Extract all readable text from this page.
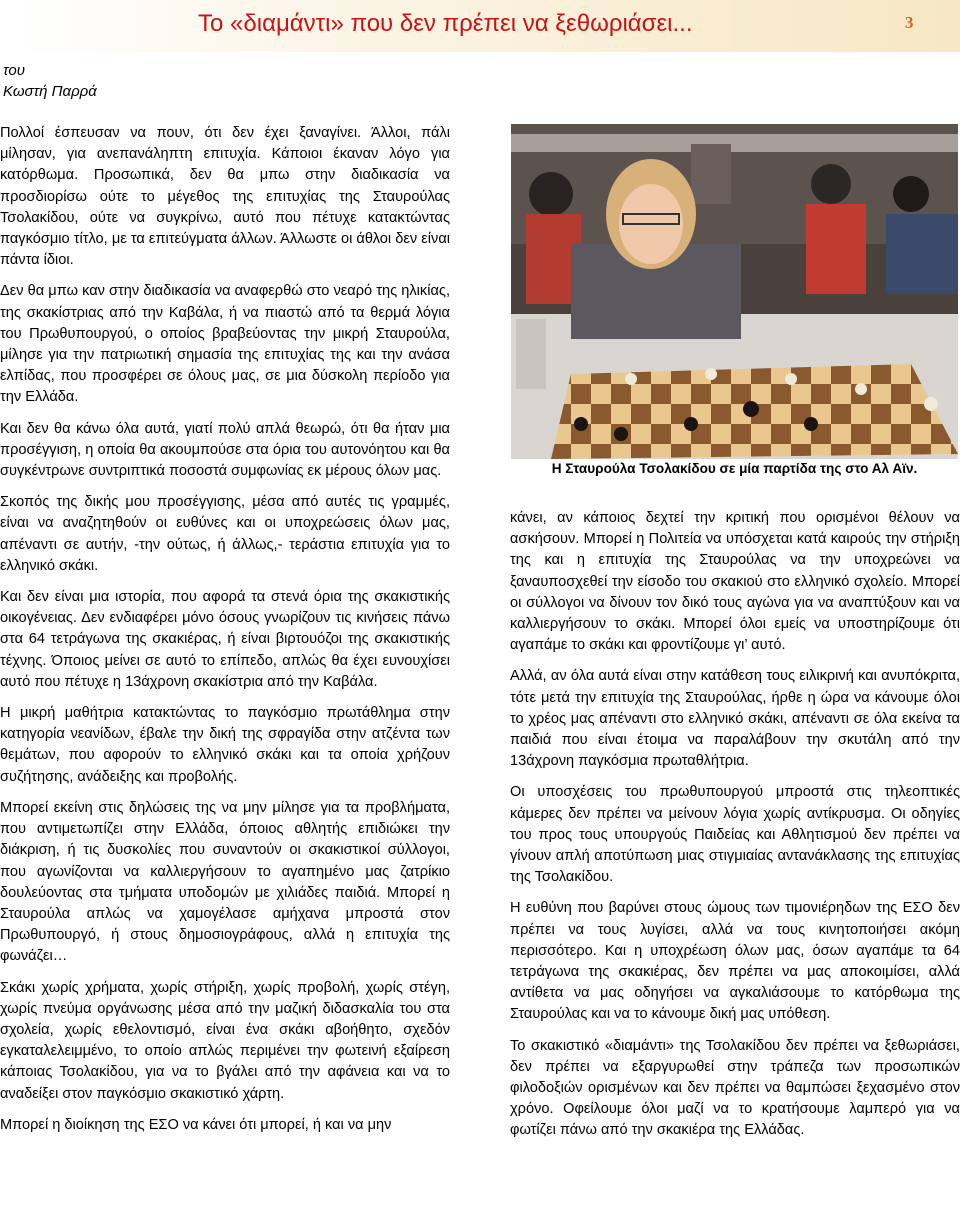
Το «διαμάντι» που δεν πρέπει να ξεθωριάσει...	3
του
Κωστή Παρρά

Πολλοί έσπευσαν να πουν, ότι δεν έχει ξαναγίνει. Άλλοι, πάλι μίλησαν, για ανεπανάληπτη επιτυχία. Κάποιοι έκαναν λόγο για κατόρθωμα. Προσωπικά, δεν θα μπω στην διαδικασία να προσδιορίσω ούτε το μέγεθος της επιτυχίας της Σταυρούλας Τσολακίδου, ούτε να συγκρίνω, αυτό που πέτυχε κατακτώντας παγκόσμιο τίτλο, με τα επιτεύγματα άλλων. Άλλωστε οι άθλοι δεν είναι πάντα ίδιοι.

Δεν θα μπω καν στην διαδικασία να αναφερθώ στο νεαρό της ηλικίας, της σκακίστριας από την Καβάλα, ή να πιαστώ από τα θερμά λόγια του Πρωθυπουργού, ο οποίος βραβεύοντας την μικρή Σταυρούλα, μίλησε για την πατριωτική σημασία της επιτυχίας της και την ανάσα ελπίδας, που προσφέρει σε όλους μας, σε μια δύσκολη περίοδο για την Ελλάδα.

Και δεν θα κάνω όλα αυτά, γιατί πολύ απλά θεωρώ, ότι θα ήταν μια προσέγγιση, η οποία θα ακουμπούσε στα όρια του αυτονόητου και θα συγκέντρωνε συντριπτικά ποσοστά συμφωνίας εκ μέρους όλων μας.

Σκοπός της δικής μου προσέγγισης, μέσα από αυτές τις γραμμές, είναι να αναζητηθούν οι ευθύνες και οι υποχρεώσεις όλων μας, απέναντι σε αυτήν, -την ούτως, ή άλλως,- τεράστια επιτυχία για το ελληνικό σκάκι.

Και δεν είναι μια ιστορία, που αφορά τα στενά όρια της σκακιστικής οικογένειας. Δεν ενδιαφέρει μόνο όσους γνωρίζουν τις κινήσεις πάνω στα 64 τετράγωνα της σκακιέρας, ή είναι βιρτουόζοι της σκακιστικής τέχνης. Όποιος μείνει σε αυτό το επίπεδο, απλώς θα έχει ευνουχίσει αυτό που πέτυχε η 13άχρονη σκακίστρια από την Καβάλα.

Η μικρή μαθήτρια κατακτώντας το παγκόσμιο πρωτάθλημα στην κατηγορία νεανίδων, έβαλε την δική της σφραγίδα στην ατζέντα των θεμάτων, που αφορούν το ελληνικό σκάκι και τα οποία χρήζουν συζήτησης, ανάδειξης και προβολής.

Μπορεί εκείνη στις δηλώσεις της να μην μίλησε για τα προβλήματα, που αντιμετωπίζει στην Ελλάδα, όποιος αθλητής επιδιώκει την διάκριση, ή τις δυσκολίες που συναντούν οι σκακιστικοί σύλλογοι, που αγωνίζονται να καλλιεργήσουν το αγαπημένο μας ζατρίκιο δουλεύοντας στα τμήματα υποδομών με χιλιάδες παιδιά. Μπορεί η Σταυρούλα απλώς να χαμογέλασε αμήχανα μπροστά στον Πρωθυπουργό, ή στους δημοσιογράφους, αλλά η επιτυχία της φωνάζει…

Σκάκι χωρίς χρήματα, χωρίς στήριξη, χωρίς προβολή, χωρίς στέγη, χωρίς πνεύμα οργάνωσης μέσα από την μαζική διδασκαλία του στα σχολεία, χωρίς εθελοντισμό, είναι ένα σκάκι αβοήθητο, σχεδόν εγκαταλελειμμένο, το οποίο απλώς περιμένει την φωτεινή εξαίρεση κάποιας Τσολακίδου, για να το βγάλει από την αφάνεια και να το αναδείξει στον παγκόσμιο σκακιστικό χάρτη.

Μπορεί η διοίκηση της ΕΣΟ να κάνει ότι μπορεί, ή και να μην

Η Σταυρούλα Τσολακίδου σε μία παρτίδα της στο Αλ Αϊν.

κάνει, αν κάποιος δεχτεί την κριτική που ορισμένοι θέλουν να ασκήσουν. Μπορεί η Πολιτεία να υπόσχεται κατά καιρούς την στήριξη της και η επιτυχία της Σταυρούλας να την υποχρεώνει να ξαναυποσχεθεί την είσοδο του σκακιού στο ελληνικό σχολείο. Μπορεί οι σύλλογοι να δίνουν τον δικό τους αγώνα για να αναπτύξουν και να καλλιεργήσουν το σκάκι. Μπορεί όλοι εμείς να υποστηρίζουμε ότι αγαπάμε το σκάκι και φροντίζουμε γι’ αυτό.

Αλλά, αν όλα αυτά είναι στην κατάθεση τους ειλικρινή και ανυπόκριτα, τότε μετά την επιτυχία της Σταυρούλας, ήρθε η ώρα να κάνουμε όλοι το χρέος μας απέναντι στο ελληνικό σκάκι, απέναντι σε όλα εκείνα τα παιδιά που είναι έτοιμα να παραλάβουν την σκυτάλη από την 13άχρονη παγκόσμια πρωταθλήτρια.

Οι υποσχέσεις του πρωθυπουργού μπροστά στις τηλεοπτικές κάμερες δεν πρέπει να μείνουν λόγια χωρίς αντίκρυσμα. Οι οδηγίες του προς τους υπουργούς Παιδείας και Αθλητισμού δεν πρέπει να γίνουν απλή αποτύπωση μιας στιγμιαίας αντανάκλασης της επιτυχίας της Τσολακίδου.

Η ευθύνη που βαρύνει στους ώμους των τιμονιέρηδων της ΕΣΟ δεν πρέπει να τους λυγίσει, αλλά να τους κινητοποιήσει ακόμη περισσότερο. Και η υποχρέωση όλων μας, όσων αγαπάμε τα 64 τετράγωνα της σκακιέρας, δεν πρέπει να μας αποκοιμίσει, αλλά αντίθετα να μας οδηγήσει να αγκαλιάσουμε το κατόρθωμα της Σταυρούλας και να το κάνουμε δική μας υπόθεση.

Το σκακιστικό «διαμάντι» της Τσολακίδου δεν πρέπει να ξεθωριάσει, δεν πρέπει να εξαργυρωθεί στην τράπεζα των προσωπικών φιλοδοξιών ορισμένων και δεν πρέπει να θαμπώσει ξεχασμένο στον χρόνο. Οφείλουμε όλοι μαζί να το κρατήσουμε λαμπερό για να φωτίζει πάνω από την σκακιέρα της Ελλάδας.
